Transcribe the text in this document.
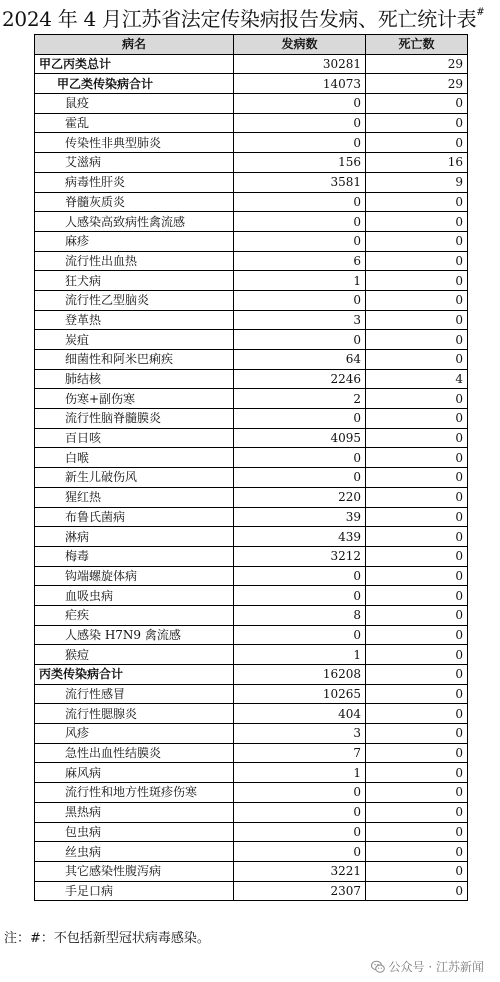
2024 年 4 月江苏省法定传染病报告发病、死亡统计表#
病名	发病数	死亡数
甲乙丙类总计	30281	29
甲乙类传染病合计	14073	29
鼠疫	0	0
霍乱	0	0
传染性非典型肺炎	0	0
艾滋病	156	16
病毒性肝炎	3581	9
脊髓灰质炎	0	0
人感染高致病性禽流感	0	0
麻疹	0	0
流行性出血热	6	0
狂犬病	1	0
流行性乙型脑炎	0	0
登革热	3	0
炭疽	0	0
细菌性和阿米巴痢疾	64	0
肺结核	2246	4
伤寒+副伤寒	2	0
流行性脑脊髓膜炎	0	0
百日咳	4095	0
白喉	0	0
新生儿破伤风	0	0
猩红热	220	0
布鲁氏菌病	39	0
淋病	439	0
梅毒	3212	0
钩端螺旋体病	0	0
血吸虫病	0	0
疟疾	8	0
人感染 H7N9 禽流感	0	0
猴痘	1	0
丙类传染病合计	16208	0
流行性感冒	10265	0
流行性腮腺炎	404	0
风疹	3	0
急性出血性结膜炎	7	0
麻风病	1	0
流行性和地方性斑疹伤寒	0	0
黑热病	0	0
包虫病	0	0
丝虫病	0	0
其它感染性腹泻病	3221	0
手足口病	2307	0
注：#：不包括新型冠状病毒感染。
公众号 · 江苏新闻
